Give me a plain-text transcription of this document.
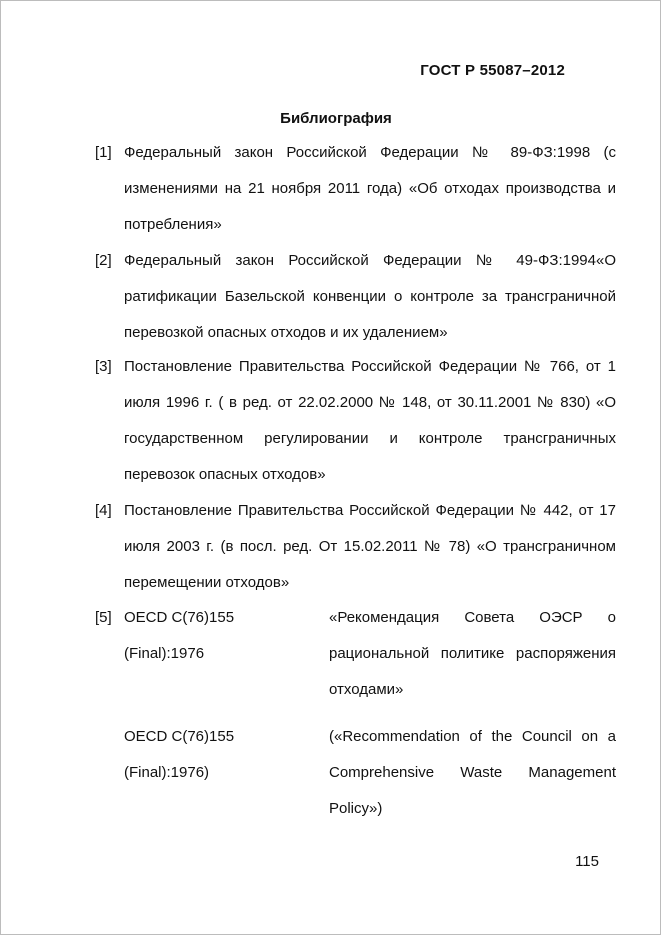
ГОСТ Р 55087–2012
Библиография
[1] Федеральный закон Российской Федерации № 89-ФЗ:1998 (с изменениями на 21 ноября 2011 года) «Об отходах производства и потребления»
[2] Федеральный закон Российской Федерации № 49-ФЗ:1994«О ратификации Базельской конвенции о контроле за трансграничной перевозкой опасных отходов и их удалением»
[3] Постановление Правительства Российской Федерации № 766, от 1 июля 1996 г. ( в ред. от 22.02.2000 № 148, от 30.11.2001 № 830) «О государственном регулировании и контроле трансграничных перевозок опасных отходов»
[4] Постановление Правительства Российской Федерации № 442, от 17 июля 2003 г. (в посл. ред. От 15.02.2011 № 78) «О трансграничном перемещении отходов»
[5] OECD C(76)155 (Final):1976
«Рекомендация Совета ОЭСР о рациональной политике распоряжения отходами»
OECD C(76)155 (Final):1976)
(«Recommendation of the Council on a Comprehensive Waste Management Policy»)
115
